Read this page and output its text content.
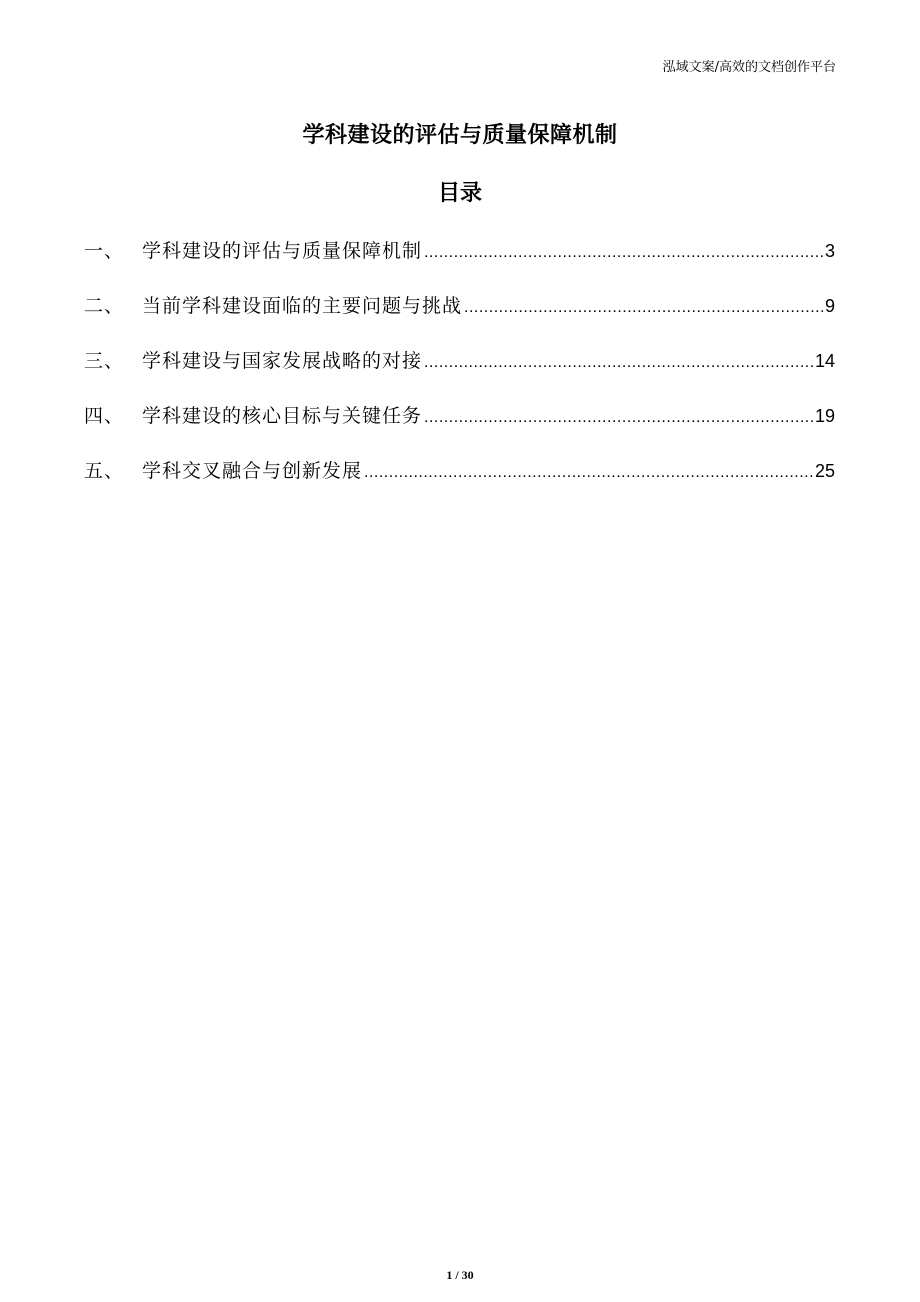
泓域文案/高效的文档创作平台
学科建设的评估与质量保障机制
目录
一、 学科建设的评估与质量保障机制 .....	3
二、 当前学科建设面临的主要问题与挑战 .....	9
三、 学科建设与国家发展战略的对接 .....	14
四、 学科建设的核心目标与关键任务 .....	19
五、 学科交叉融合与创新发展 .....	25
1 / 30
